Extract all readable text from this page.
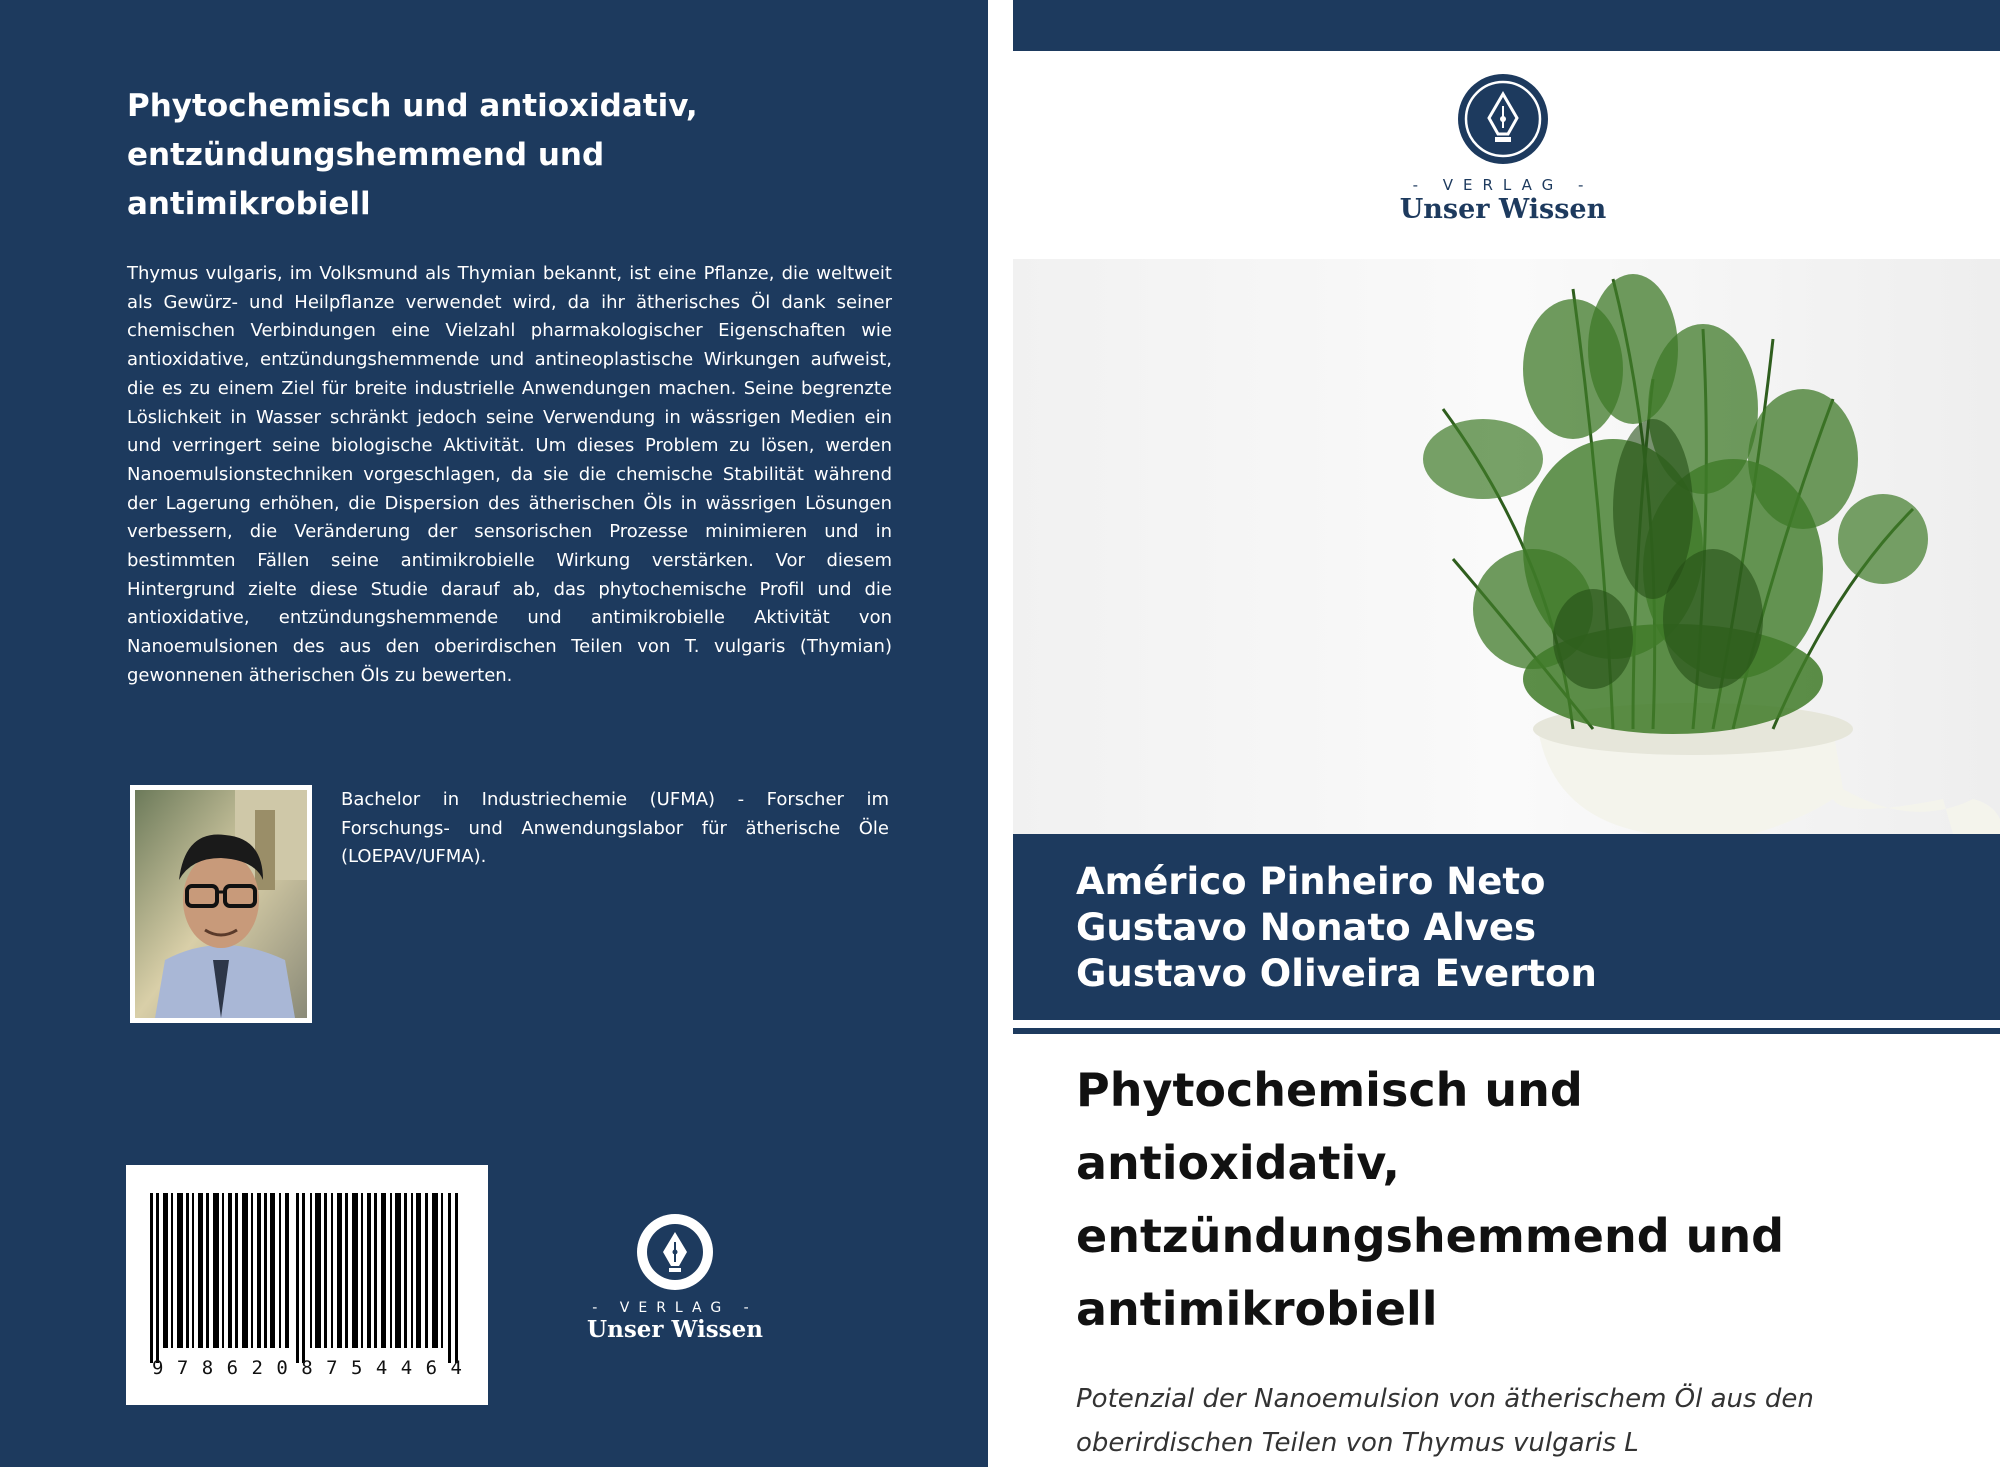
Phytochemisch und antioxidativ,
entzündungshemmend und
antimikrobiell

Thymus vulgaris, im Volksmund als Thymian bekannt, ist eine Pflanze, die weltweit als Gewürz- und Heilpflanze verwendet wird, da ihr ätherisches Öl dank seiner chemischen Verbindungen eine Vielzahl pharmakologischer Eigenschaften wie antioxidative, entzündungshemmende und antineoplastische Wirkungen aufweist, die es zu einem Ziel für breite industrielle Anwendungen machen. Seine begrenzte Löslichkeit in Wasser schränkt jedoch seine Verwendung in wässrigen Medien ein und verringert seine biologische Aktivität. Um dieses Problem zu lösen, werden Nanoemulsionstechniken vorgeschlagen, da sie die chemische Stabilität während der Lagerung erhöhen, die Dispersion des ätherischen Öls in wässrigen Lösungen verbessern, die Veränderung der sensorischen Prozesse minimieren und in bestimmten Fällen seine antimikrobielle Wirkung verstärken. Vor diesem Hintergrund zielte diese Studie darauf ab, das phytochemische Profil und die antioxidative, entzündungshemmende und antimikrobielle Aktivität von Nanoemulsionen des aus den oberirdischen Teilen von T. vulgaris (Thymian) gewonnenen ätherischen Öls zu bewerten.

Bachelor in Industriechemie (UFMA) - Forscher im Forschungs- und Anwendungslabor für ätherische Öle (LOEPAV/UFMA).

9 7 8 6 2 0 8 7 5 4 4 6 4
- VERLAG -
Unser Wissen
- VERLAG -
Unser Wissen
Américo Pinheiro Neto
Gustavo Nonato Alves
Gustavo Oliveira Everton
Phytochemisch und
antioxidativ,
entzündungshemmend und
antimikrobiell

Potenzial der Nanoemulsion von ätherischem Öl aus den
oberirdischen Teilen von Thymus vulgaris L
